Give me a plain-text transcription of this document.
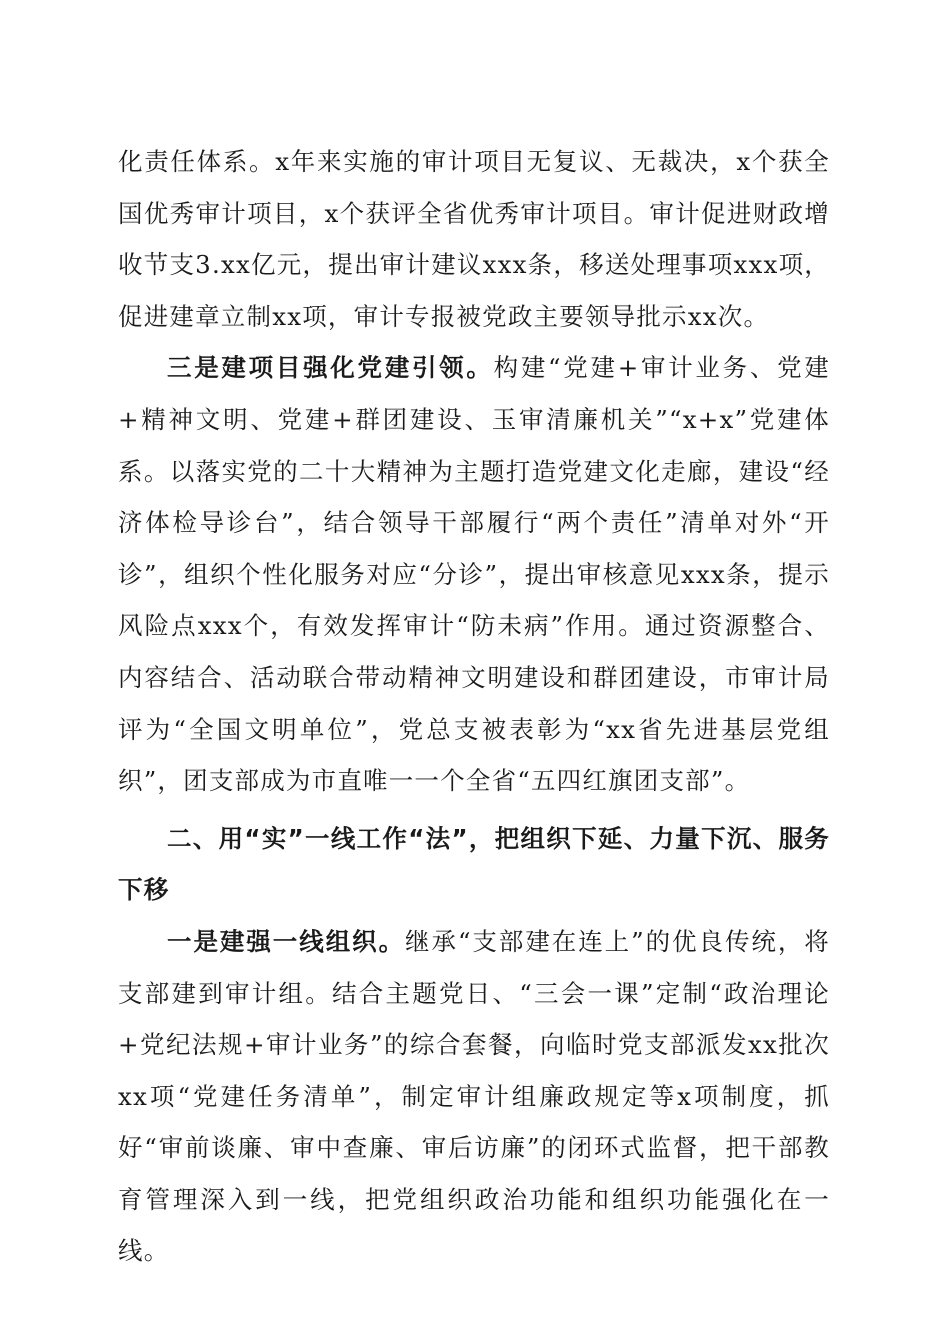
化责任体系。x年来实施的审计项目无复议、无裁决，x个获全国优秀审计项目，x个获评全省优秀审计项目。审计促进财政增收节支3.xx亿元，提出审计建议xxx条，移送处理事项xxx项，促进建章立制xx项，审计专报被党政主要领导批示xx次。

三是建项目强化党建引领。构建“党建+审计业务、党建+精神文明、党建+群团建设、玉审清廉机关”“x+x”党建体系。以落实党的二十大精神为主题打造党建文化走廊，建设“经济体检导诊台”，结合领导干部履行“两个责任”清单对外“开诊”，组织个性化服务对应“分诊”，提出审核意见xxx条，提示风险点xxx个，有效发挥审计“防未病”作用。通过资源整合、内容结合、活动联合带动精神文明建设和群团建设，市审计局评为“全国文明单位”，党总支被表彰为“xx省先进基层党组织”，团支部成为市直唯一一个全省“五四红旗团支部”。

二、用“实”一线工作“法”，把组织下延、力量下沉、服务下移

一是建强一线组织。继承“支部建在连上”的优良传统，将支部建到审计组。结合主题党日、“三会一课”定制“政治理论+党纪法规+审计业务”的综合套餐，向临时党支部派发xx批次xx项“党建任务清单”，制定审计组廉政规定等x项制度，抓好“审前谈廉、审中查廉、审后访廉”的闭环式监督，把干部教育管理深入到一线，把党组织政治功能和组织功能强化在一线。
